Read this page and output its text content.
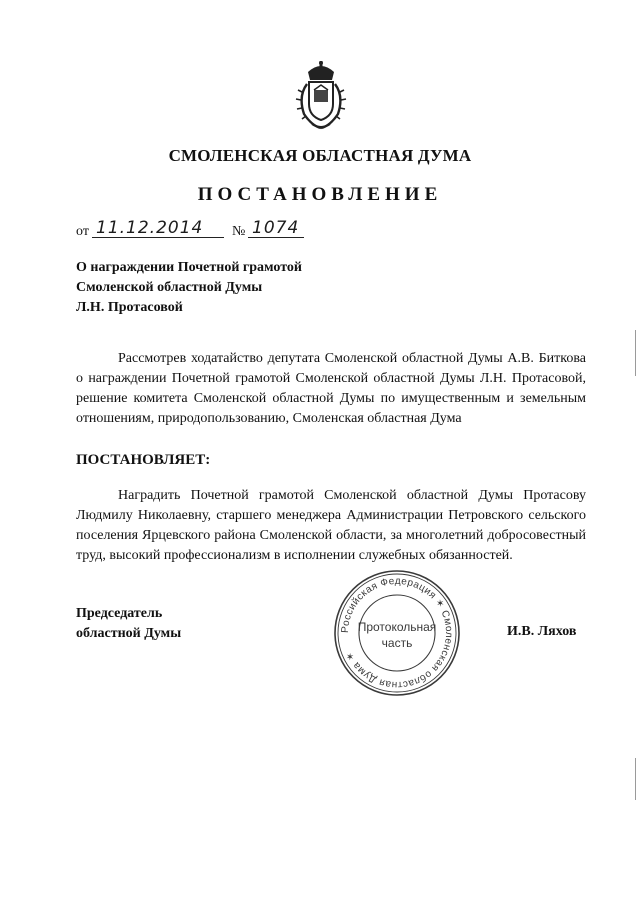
СМОЛЕНСКАЯ ОБЛАСТНАЯ ДУМА
ПОСТАНОВЛЕНИЕ
от 11.12.2014 № 1074
О награждении Почетной грамотой
Смоленской областной Думы
Л.Н. Протасовой

Рассмотрев ходатайство депутата Смоленской областной Думы А.В. Биткова о награждении Почетной грамотой Смоленской областной Думы Л.Н. Протасовой, решение комитета Смоленской областной Думы по имущественным и земельным отношениям, природопользованию, Смоленская областная Дума

ПОСТАНОВЛЯЕТ:

Наградить Почетной грамотой Смоленской областной Думы Протасову Людмилу Николаевну, старшего менеджера Администрации Петровского сельского поселения Ярцевского района Смоленской области, за многолетний добросовестный труд, высокий профессионализм в исполнении служебных обязанностей.

Председатель
областной Думы	И.В. Ляхов
Российская Федерация ✶ Смоленская областная Дума ✶
Протокольная
часть
